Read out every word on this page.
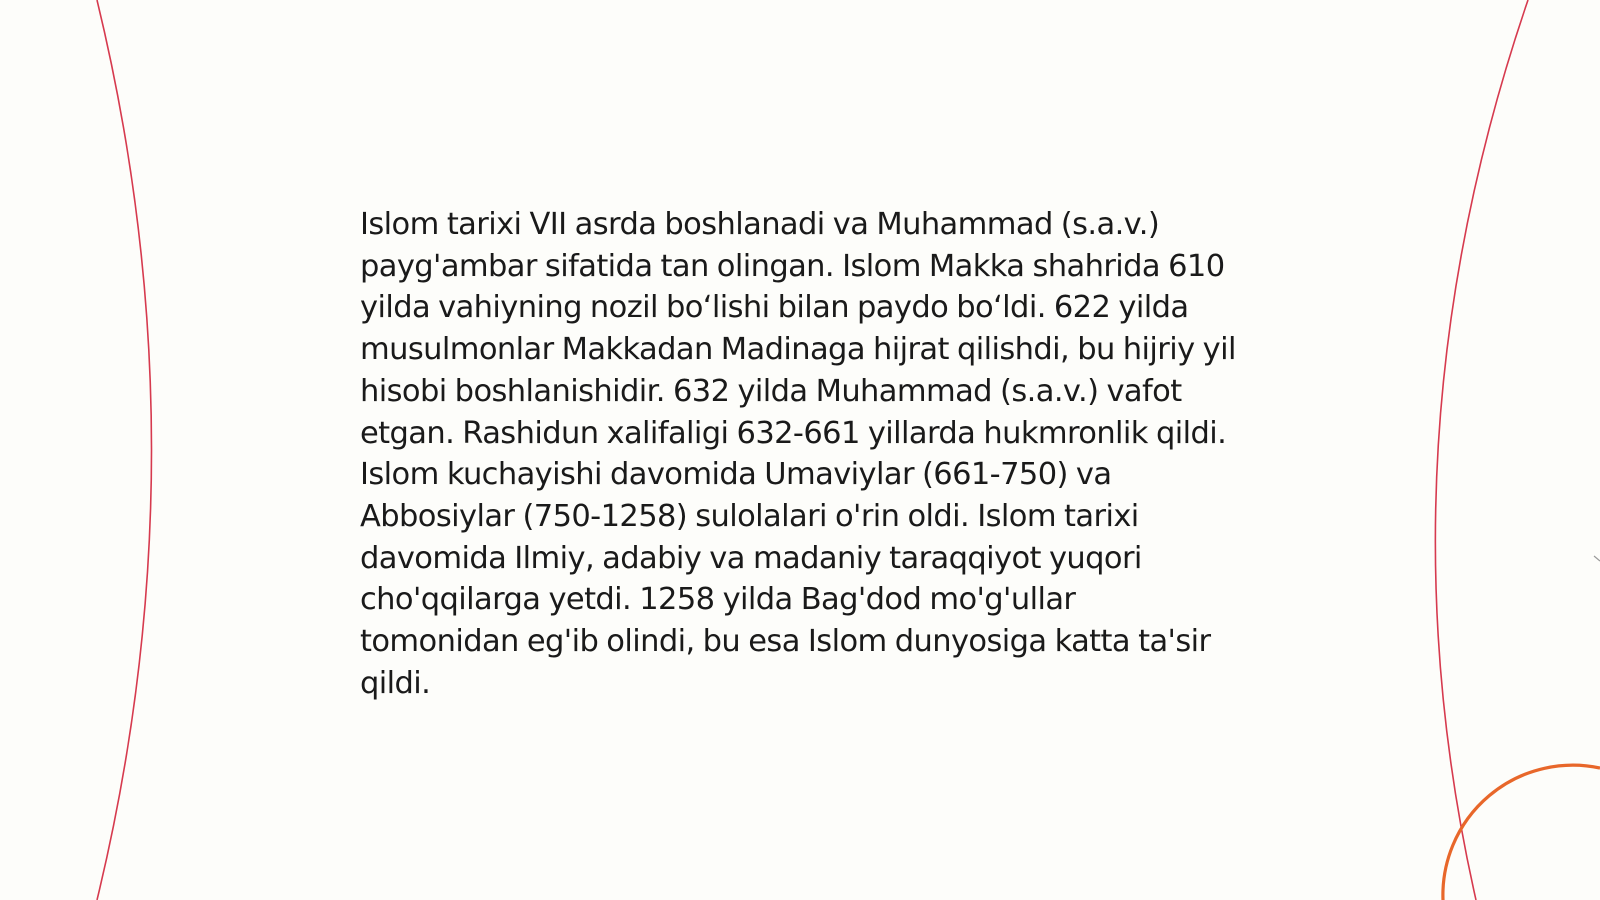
Islom tarixi VII asrda boshlanadi va Muhammad (s.a.v.) payg'ambar sifatida tan olingan. Islom Makka shahrida 610 yilda vahiyning nozil bo‘lishi bilan paydo bo‘ldi. 622 yilda musulmonlar Makkadan Madinaga hijrat qilishdi, bu hijriy yil hisobi boshlanishidir. 632 yilda Muhammad (s.a.v.) vafot etgan. Rashidun xalifaligi 632-661 yillarda hukmronlik qildi. Islom kuchayishi davomida Umaviylar (661-750) va Abbosiylar (750-1258) sulolalari o'rin oldi. Islom tarixi davomida Ilmiy, adabiy va madaniy taraqqiyot yuqori cho'qqilarga yetdi. 1258 yilda Bag'dod mo'g'ullar tomonidan eg'ib olindi, bu esa Islom dunyosiga katta ta'sir qildi.
